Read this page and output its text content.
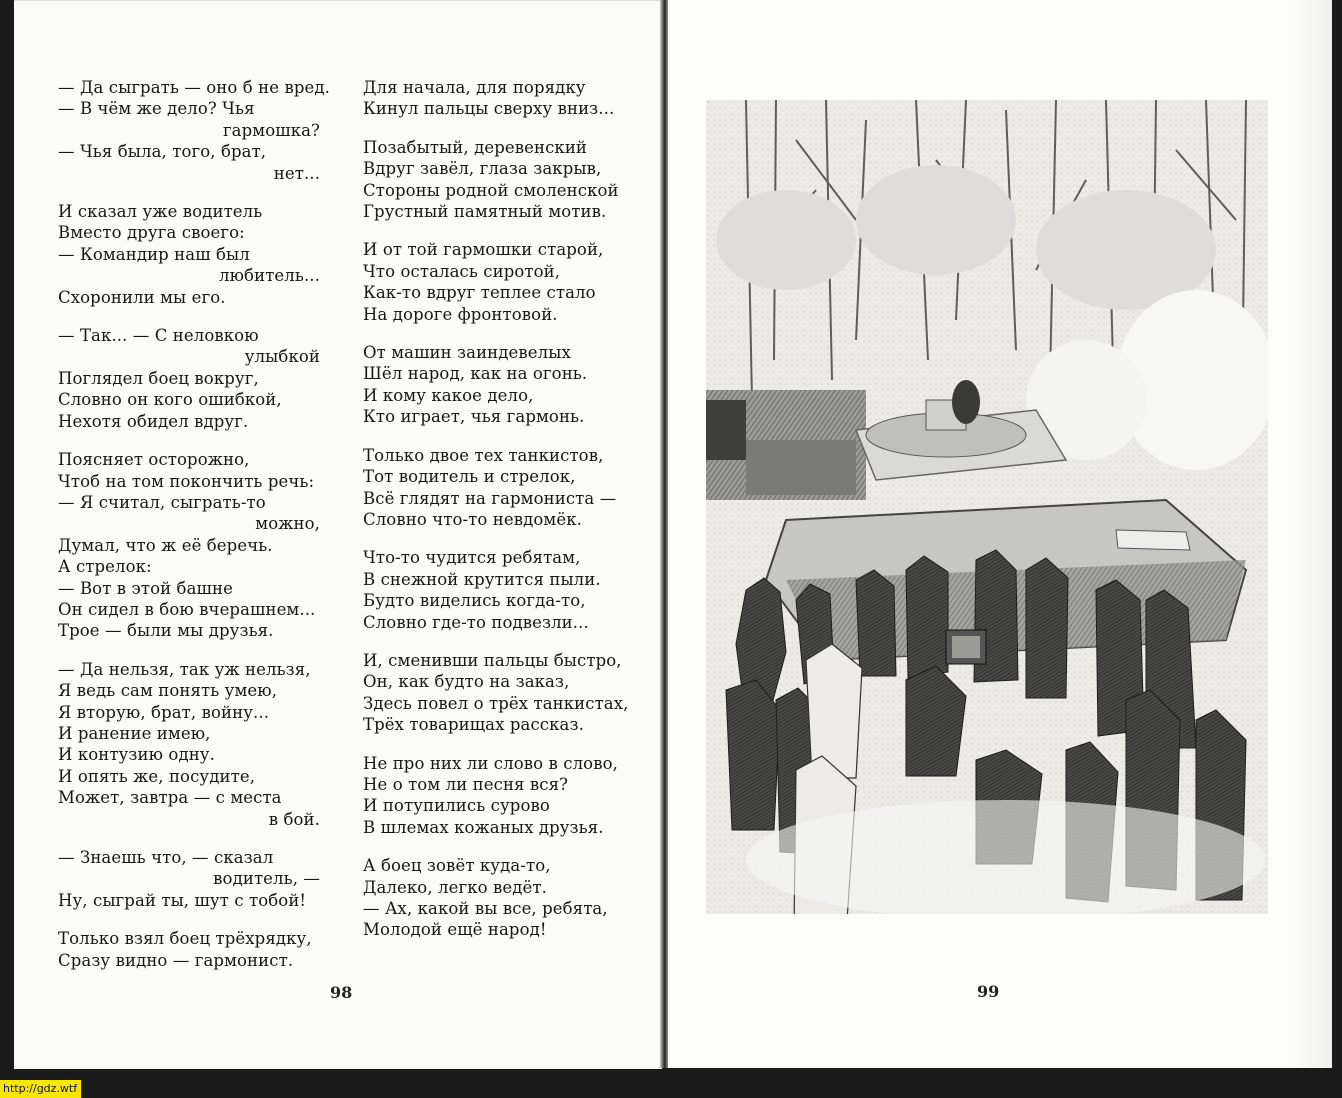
— Да сыграть — оно б не вред.
— В чём же дело? Чья
гармошка?
— Чья была, того, брат,
нет...
И сказал уже водитель
Вместо друга своего:
— Командир наш был
любитель...
Схоронили мы его.
— Так... — С неловкою
улыбкой
Поглядел боец вокруг,
Словно он кого ошибкой,
Нехотя обидел вдруг.
Поясняет осторожно,
Чтоб на том покончить речь:
— Я считал, сыграть-то
можно,
Думал, что ж её беречь.
А стрелок:
— Вот в этой башне
Он сидел в бою вчерашнем...
Трое — были мы друзья.
— Да нельзя, так уж нельзя,
Я ведь сам понять умею,
Я вторую, брат, войну...
И ранение имею,
И контузию одну.
И опять же, посудите,
Может, завтра — с места
в бой.
— Знаешь что, — сказал
водитель, —
Ну, сыграй ты, шут с тобой!
Только взял боец трёхрядку,
Сразу видно — гармонист.
Для начала, для порядку
Кинул пальцы сверху вниз...
Позабытый, деревенский
Вдруг завёл, глаза закрыв,
Стороны родной смоленской
Грустный памятный мотив.
И от той гармошки старой,
Что осталась сиротой,
Как-то вдруг теплее стало
На дороге фронтовой.
От машин заиндевелых
Шёл народ, как на огонь.
И кому какое дело,
Кто играет, чья гармонь.
Только двое тех танкистов,
Тот водитель и стрелок,
Всё глядят на гармониста —
Словно что-то невдомёк.
Что-то чудится ребятам,
В снежной крутится пыли.
Будто виделись когда-то,
Словно где-то подвезли...
И, сменивши пальцы быстро,
Он, как будто на заказ,
Здесь повел о трёх танкистах,
Трёх товарищах рассказ.
Не про них ли слово в слово,
Не о том ли песня вся?
И потупились сурово
В шлемах кожаных друзья.
А боец зовёт куда-то,
Далеко, легко ведёт.
— Ах, какой вы все, ребята,
Молодой ещё народ!
98	99
http://gdz.wtf
